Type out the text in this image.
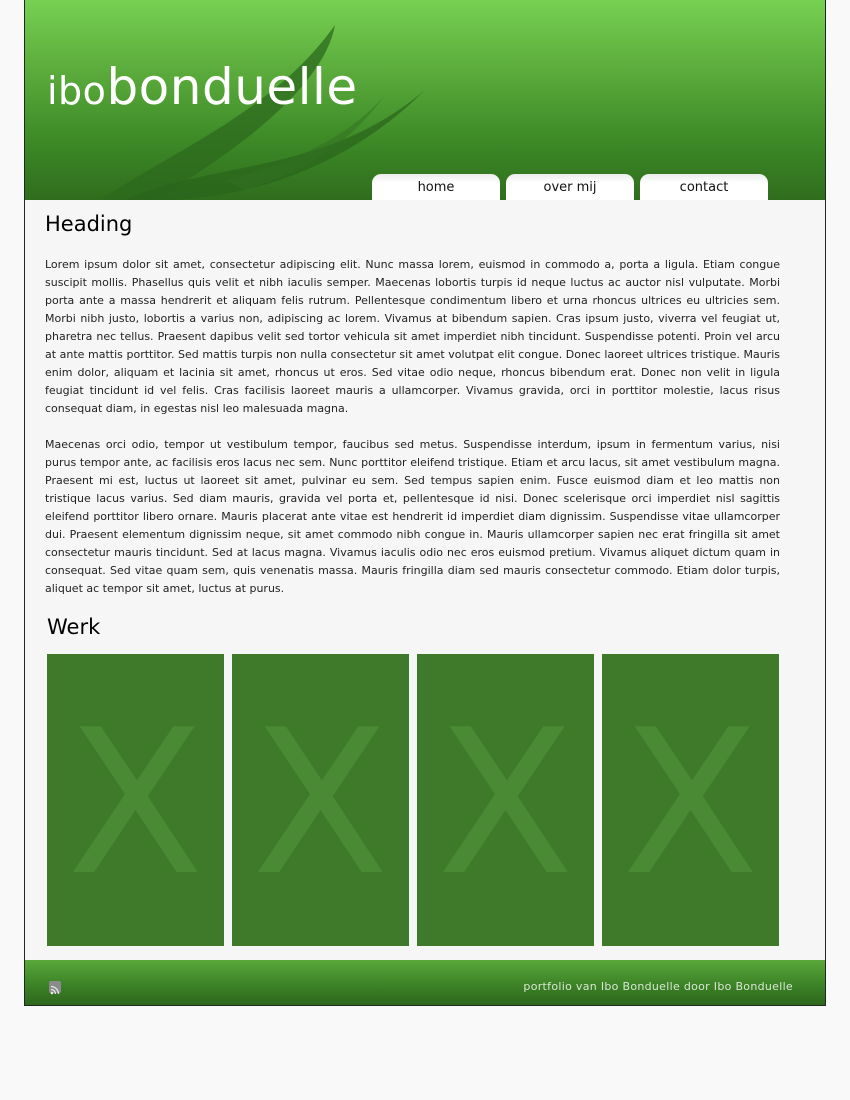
ibobonduelle
home	over mij	contact
Heading

Lorem ipsum dolor sit amet, consectetur adipiscing elit. Nunc massa lorem, euismod in commodo a, porta a ligula. Etiam congue suscipit mollis. Phasellus quis velit et nibh iaculis semper. Maecenas lobortis turpis id neque luctus ac auctor nisl vulputate. Morbi porta ante a massa hendrerit et aliquam felis rutrum. Pellentesque condimentum libero et urna rhoncus ultrices eu ultricies sem. Morbi nibh justo, lobortis a varius non, adipiscing ac lorem. Vivamus at bibendum sapien. Cras ipsum justo, viverra vel feugiat ut, pharetra nec tellus. Praesent dapibus velit sed tortor vehicula sit amet imperdiet nibh tincidunt. Suspendisse potenti. Proin vel arcu at ante mattis porttitor. Sed mattis turpis non nulla consectetur sit amet volutpat elit congue. Donec laoreet ultrices tristique. Mauris enim dolor, aliquam et lacinia sit amet, rhoncus ut eros. Sed vitae odio neque, rhoncus bibendum erat. Donec non velit in ligula feugiat tincidunt id vel felis. Cras facilisis laoreet mauris a ullamcorper. Vivamus gravida, orci in porttitor molestie, lacus risus consequat diam, in egestas nisl leo malesuada magna.

Maecenas orci odio, tempor ut vestibulum tempor, faucibus sed metus. Suspendisse interdum, ipsum in fermentum varius, nisi purus tempor ante, ac facilisis eros lacus nec sem. Nunc porttitor eleifend tristique. Etiam et arcu lacus, sit amet vestibulum magna. Praesent mi est, luctus ut laoreet sit amet, pulvinar eu sem. Sed tempus sapien enim. Fusce euismod diam et leo mattis non tristique lacus varius. Sed diam mauris, gravida vel porta et, pellentesque id nisi. Donec scelerisque orci imperdiet nisl sagittis eleifend porttitor libero ornare. Mauris placerat ante vitae est hendrerit id imperdiet diam dignissim. Suspendisse vitae ullamcorper dui. Praesent elementum dignissim neque, sit amet commodo nibh congue in. Mauris ullamcorper sapien nec erat fringilla sit amet consectetur mauris tincidunt. Sed at lacus magna. Vivamus iaculis odio nec eros euismod pretium. Vivamus aliquet dictum quam in consequat. Sed vitae quam sem, quis venenatis massa. Mauris fringilla diam sed mauris consectetur commodo. Etiam dolor turpis, aliquet ac tempor sit amet, luctus at purus.

Werk
X X X X
portfolio van Ibo Bonduelle door Ibo Bonduelle
